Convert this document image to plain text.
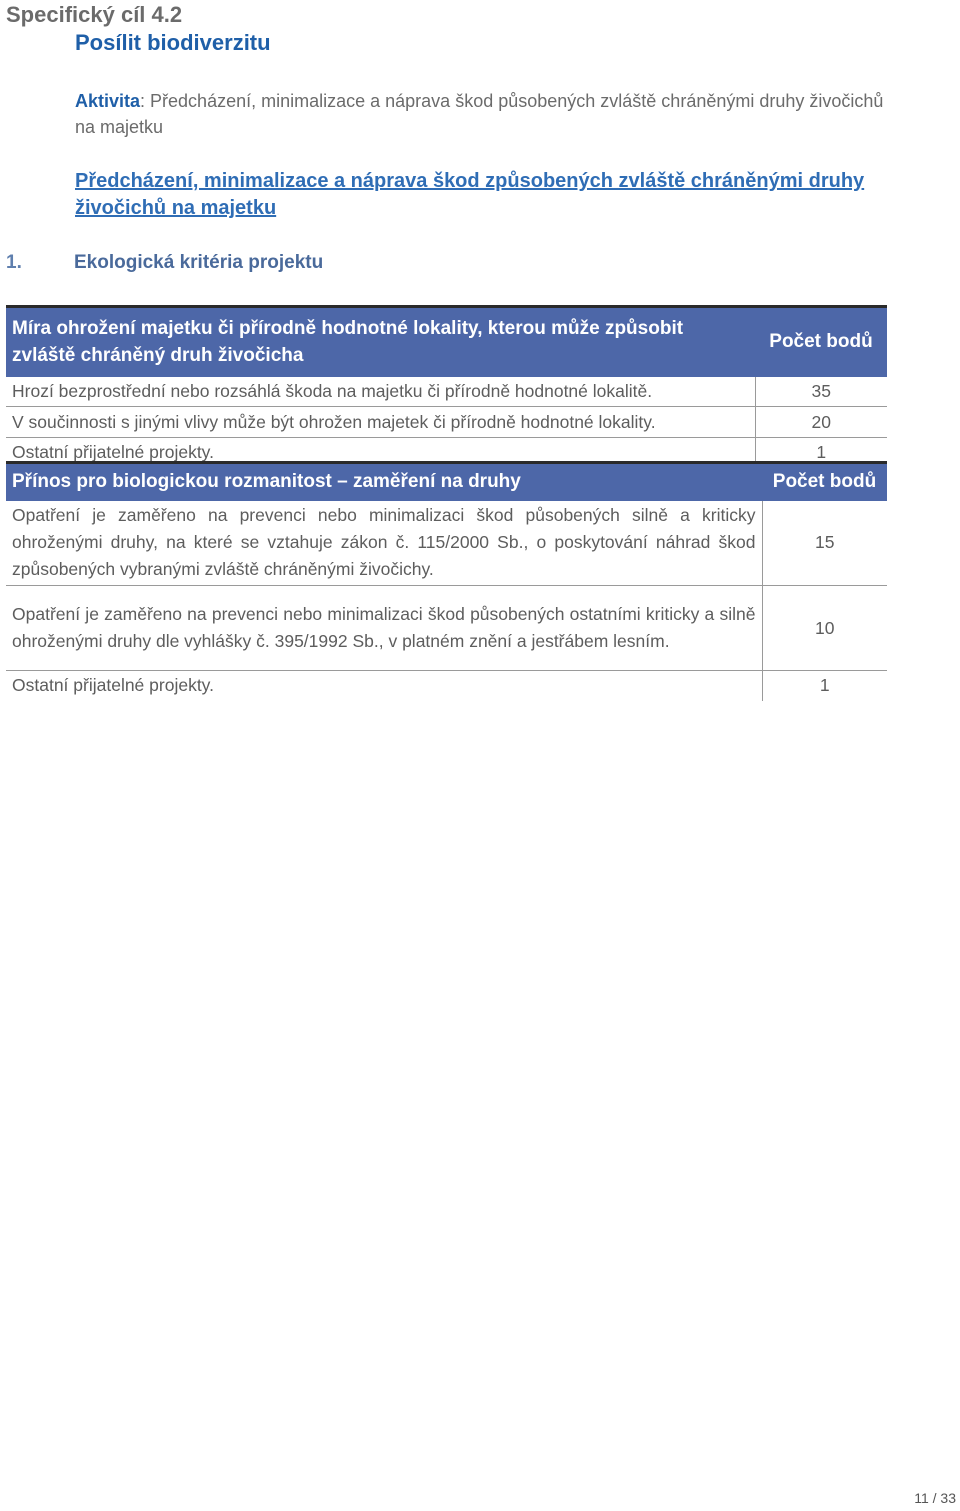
Specifický cíl 4.2
Posílit biodiverzitu
Aktivita: Předcházení, minimalizace a náprava škod působených zvláště chráněnými druhy živočichů na majetku
Předcházení, minimalizace a náprava škod způsobených zvláště chráněnými druhy živočichů na majetku
1.	Ekologická kritéria projektu
Míra ohrožení majetku či přírodně hodnotné lokality, kterou může způsobit zvláště chráněný druh živočicha	Počet bodů
Hrozí bezprostřední nebo rozsáhlá škoda na majetku či přírodně hodnotné lokalitě.	35
V součinnosti s jinými vlivy může být ohrožen majetek či přírodně hodnotné lokality.	20
Ostatní přijatelné projekty.	1
Přínos pro biologickou rozmanitost – zaměření na druhy	Počet bodů
Opatření je zaměřeno na prevenci nebo minimalizaci škod působených silně a kriticky ohroženými druhy, na které se vztahuje zákon č. 115/2000 Sb., o poskytování náhrad škod způsobených vybranými zvláště chráněnými živočichy.	15
Opatření je zaměřeno na prevenci nebo minimalizaci škod působených ostatními kriticky a silně ohroženými druhy dle vyhlášky č. 395/1992 Sb., v platném znění a jestřábem lesním.	10
Ostatní přijatelné projekty.	1
11 / 33
